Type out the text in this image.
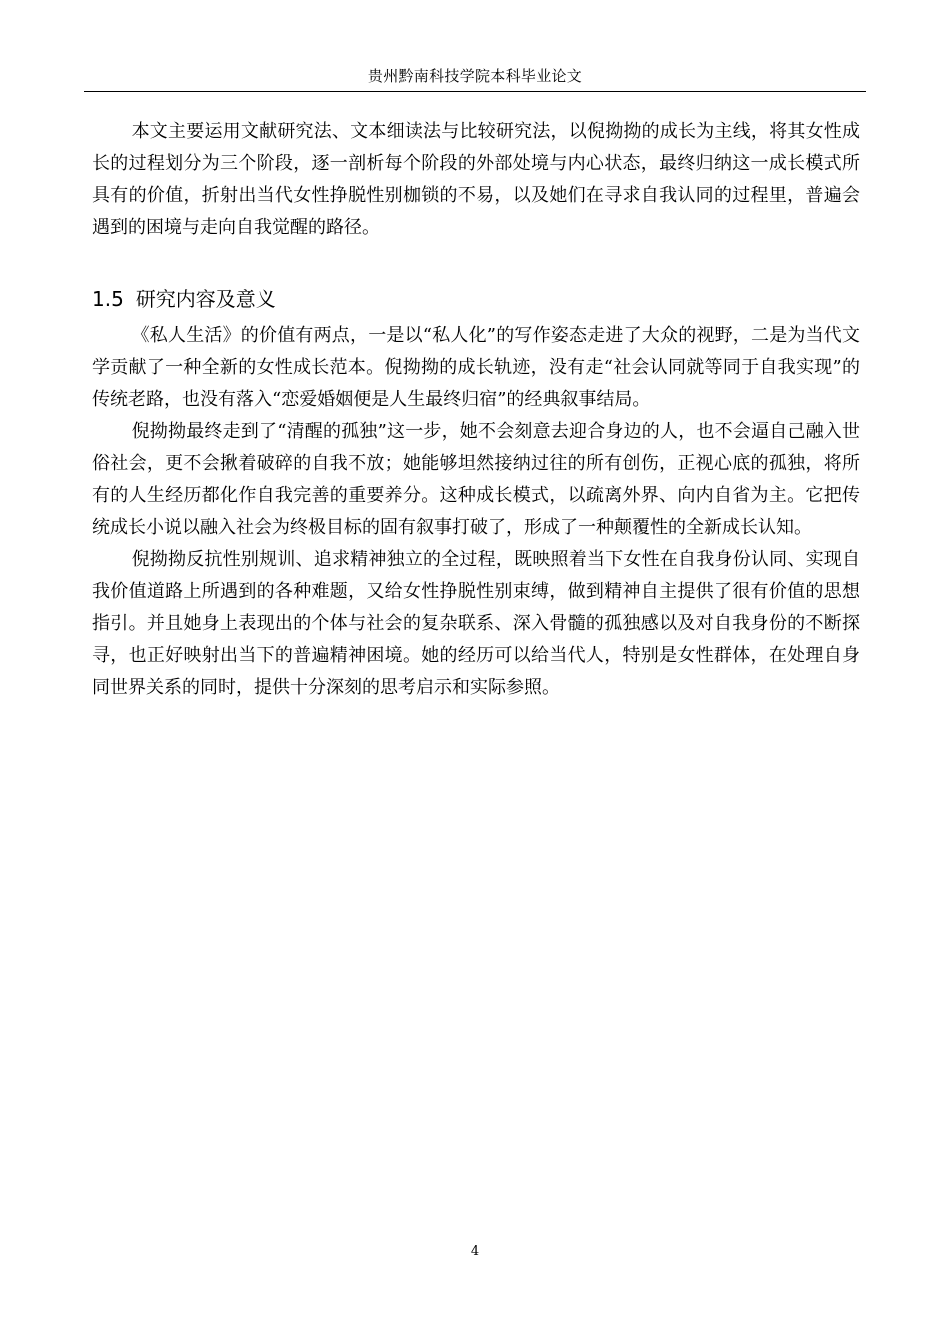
贵州黔南科技学院本科毕业论文

本文主要运用文献研究法、文本细读法与比较研究法，以倪拗拗的成长为主线，将其女性成长的过程划分为三个阶段，逐一剖析每个阶段的外部处境与内心状态，最终归纳这一成长模式所具有的价值，折射出当代女性挣脱性别枷锁的不易，以及她们在寻求自我认同的过程里，普遍会遇到的困境与走向自我觉醒的路径。

1.5 研究内容及意义

《私人生活》的价值有两点，一是以“私人化”的写作姿态走进了大众的视野，二是为当代文学贡献了一种全新的女性成长范本。倪拗拗的成长轨迹，没有走“社会认同就等同于自我实现”的传统老路，也没有落入“恋爱婚姻便是人生最终归宿”的经典叙事结局。

倪拗拗最终走到了“清醒的孤独”这一步，她不会刻意去迎合身边的人，也不会逼自己融入世俗社会，更不会揪着破碎的自我不放；她能够坦然接纳过往的所有创伤，正视心底的孤独，将所有的人生经历都化作自我完善的重要养分。这种成长模式，以疏离外界、向内自省为主。它把传统成长小说以融入社会为终极目标的固有叙事打破了，形成了一种颠覆性的全新成长认知。

倪拗拗反抗性别规训、追求精神独立的全过程，既映照着当下女性在自我身份认同、实现自我价值道路上所遇到的各种难题，又给女性挣脱性别束缚，做到精神自主提供了很有价值的思想指引。并且她身上表现出的个体与社会的复杂联系、深入骨髓的孤独感以及对自我身份的不断探寻，也正好映射出当下的普遍精神困境。她的经历可以给当代人，特别是女性群体，在处理自身同世界关系的同时，提供十分深刻的思考启示和实际参照。

4
